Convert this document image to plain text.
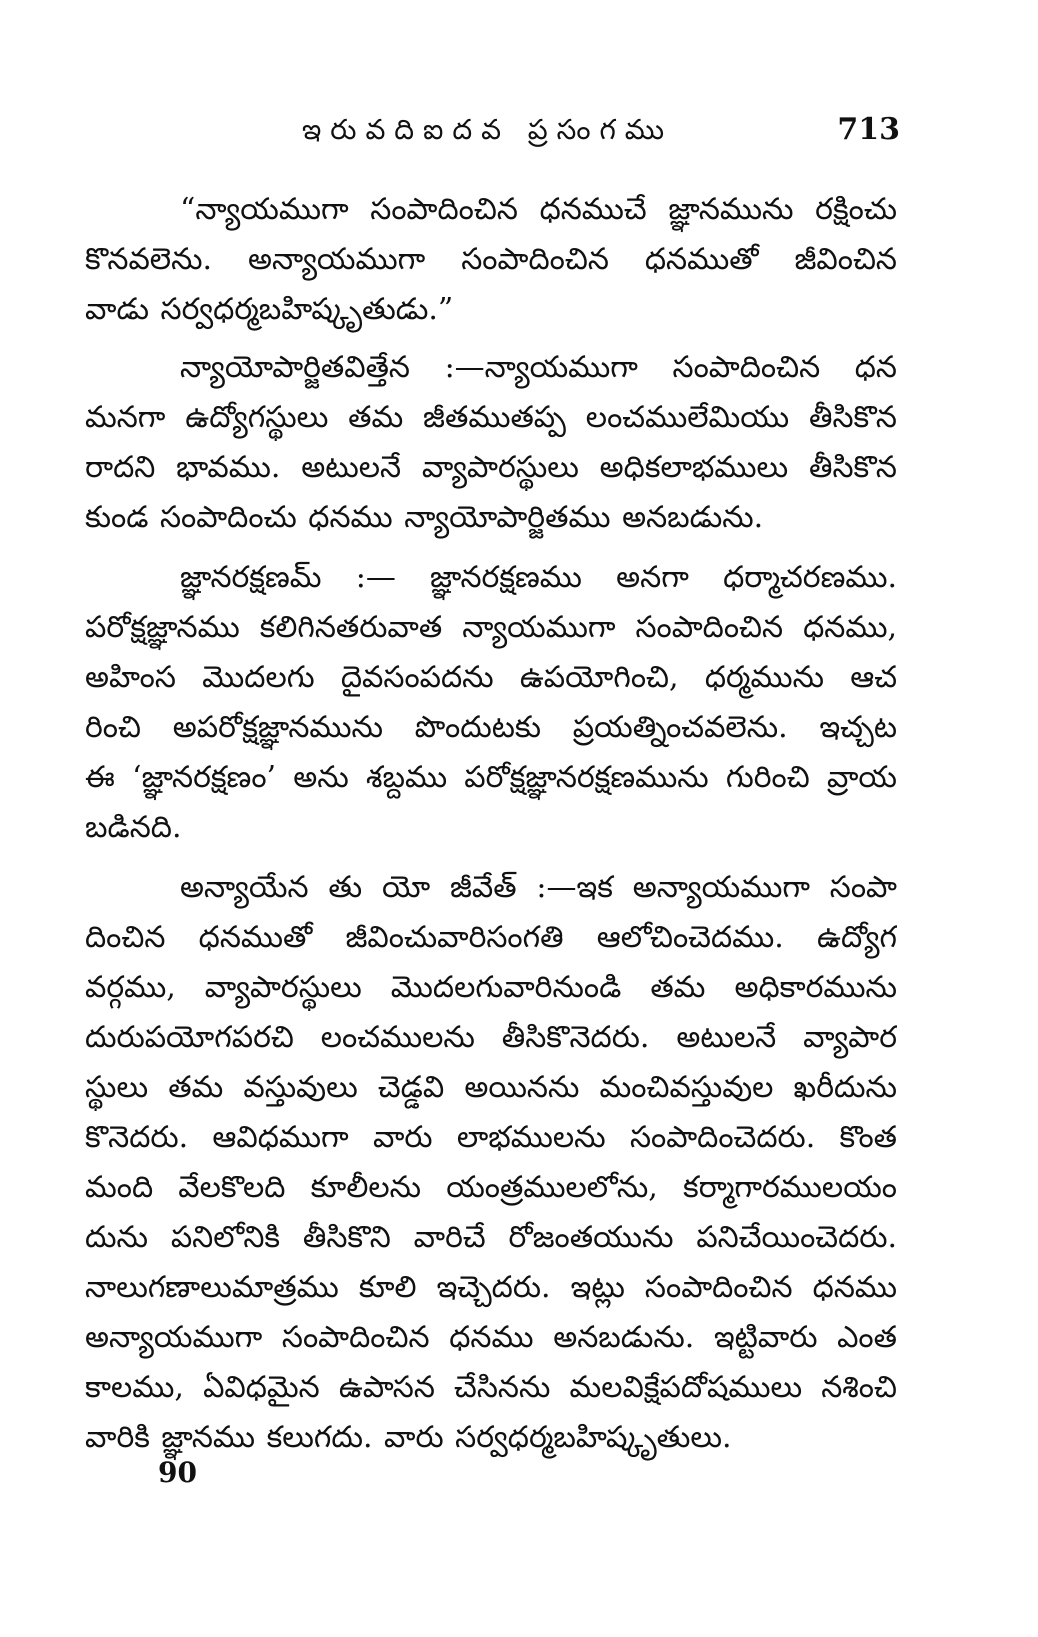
ఇరువదిఐదవ ప్రసంగము	713
“న్యాయముగా సంపాదించిన ధనముచే జ్ఞానమును రక్షించు
కొనవలెను. అన్యాయముగా సంపాదించిన ధనముతో జీవించిన
వాడు సర్వధర్మబహిష్కృతుడు.”
న్యాయోపార్జితవిత్తేన :—న్యాయముగా సంపాదించిన ధన
మనగా ఉద్యోగస్థులు తమ జీతముతప్ప లంచములేమియు తీసికొన
రాదని భావము. అటులనే వ్యాపారస్థులు అధికలాభములు తీసికొన
కుండ సంపాదించు ధనము న్యాయోపార్జితము అనబడును.
జ్ఞానరక్షణమ్ :— జ్ఞానరక్షణము అనగా ధర్మాచరణము.
పరోక్షజ్ఞానము కలిగినతరువాత న్యాయముగా సంపాదించిన ధనము,
అహింస మొదలగు దైవసంపదను ఉపయోగించి, ధర్మమును ఆచ
రించి అపరోక్షజ్ఞానమును పొందుటకు ప్రయత్నించవలెను. ఇచ్చట
ఈ ‘జ్ఞానరక్షణం’ అను శబ్దము పరోక్షజ్ఞానరక్షణమును గురించి వ్రాయ
బడినది.
అన్యాయేన తు యో జీవేత్ :—ఇక అన్యాయముగా సంపా
దించిన ధనముతో జీవించువారిసంగతి ఆలోచించెదము. ఉద్యోగ
వర్గము, వ్యాపారస్థులు మొదలగువారినుండి తమ అధికారమును
దురుపయోగపరచి లంచములను తీసికొనెదరు. అటులనే వ్యాపార
స్థులు తమ వస్తువులు చెడ్డవి అయినను మంచివస్తువుల ఖరీదును
కొనెదరు. ఆవిధముగా వారు లాభములను సంపాదించెదరు. కొంత
మంది వేలకొలది కూలీలను యంత్రములలోను, కర్మాగారములయం
దును పనిలోనికి తీసికొని వారిచే రోజంతయును పనిచేయించెదరు.
నాలుగణాలుమాత్రము కూలి ఇచ్చెదరు. ఇట్లు సంపాదించిన ధనము
అన్యాయముగా సంపాదించిన ధనము అనబడును. ఇట్టివారు ఎంత
కాలము, ఏవిధమైన ఉపాసన చేసినను మలవిక్షేపదోషములు నశించి
వారికి జ్ఞానము కలుగదు. వారు సర్వధర్మబహిష్కృతులు.
90
